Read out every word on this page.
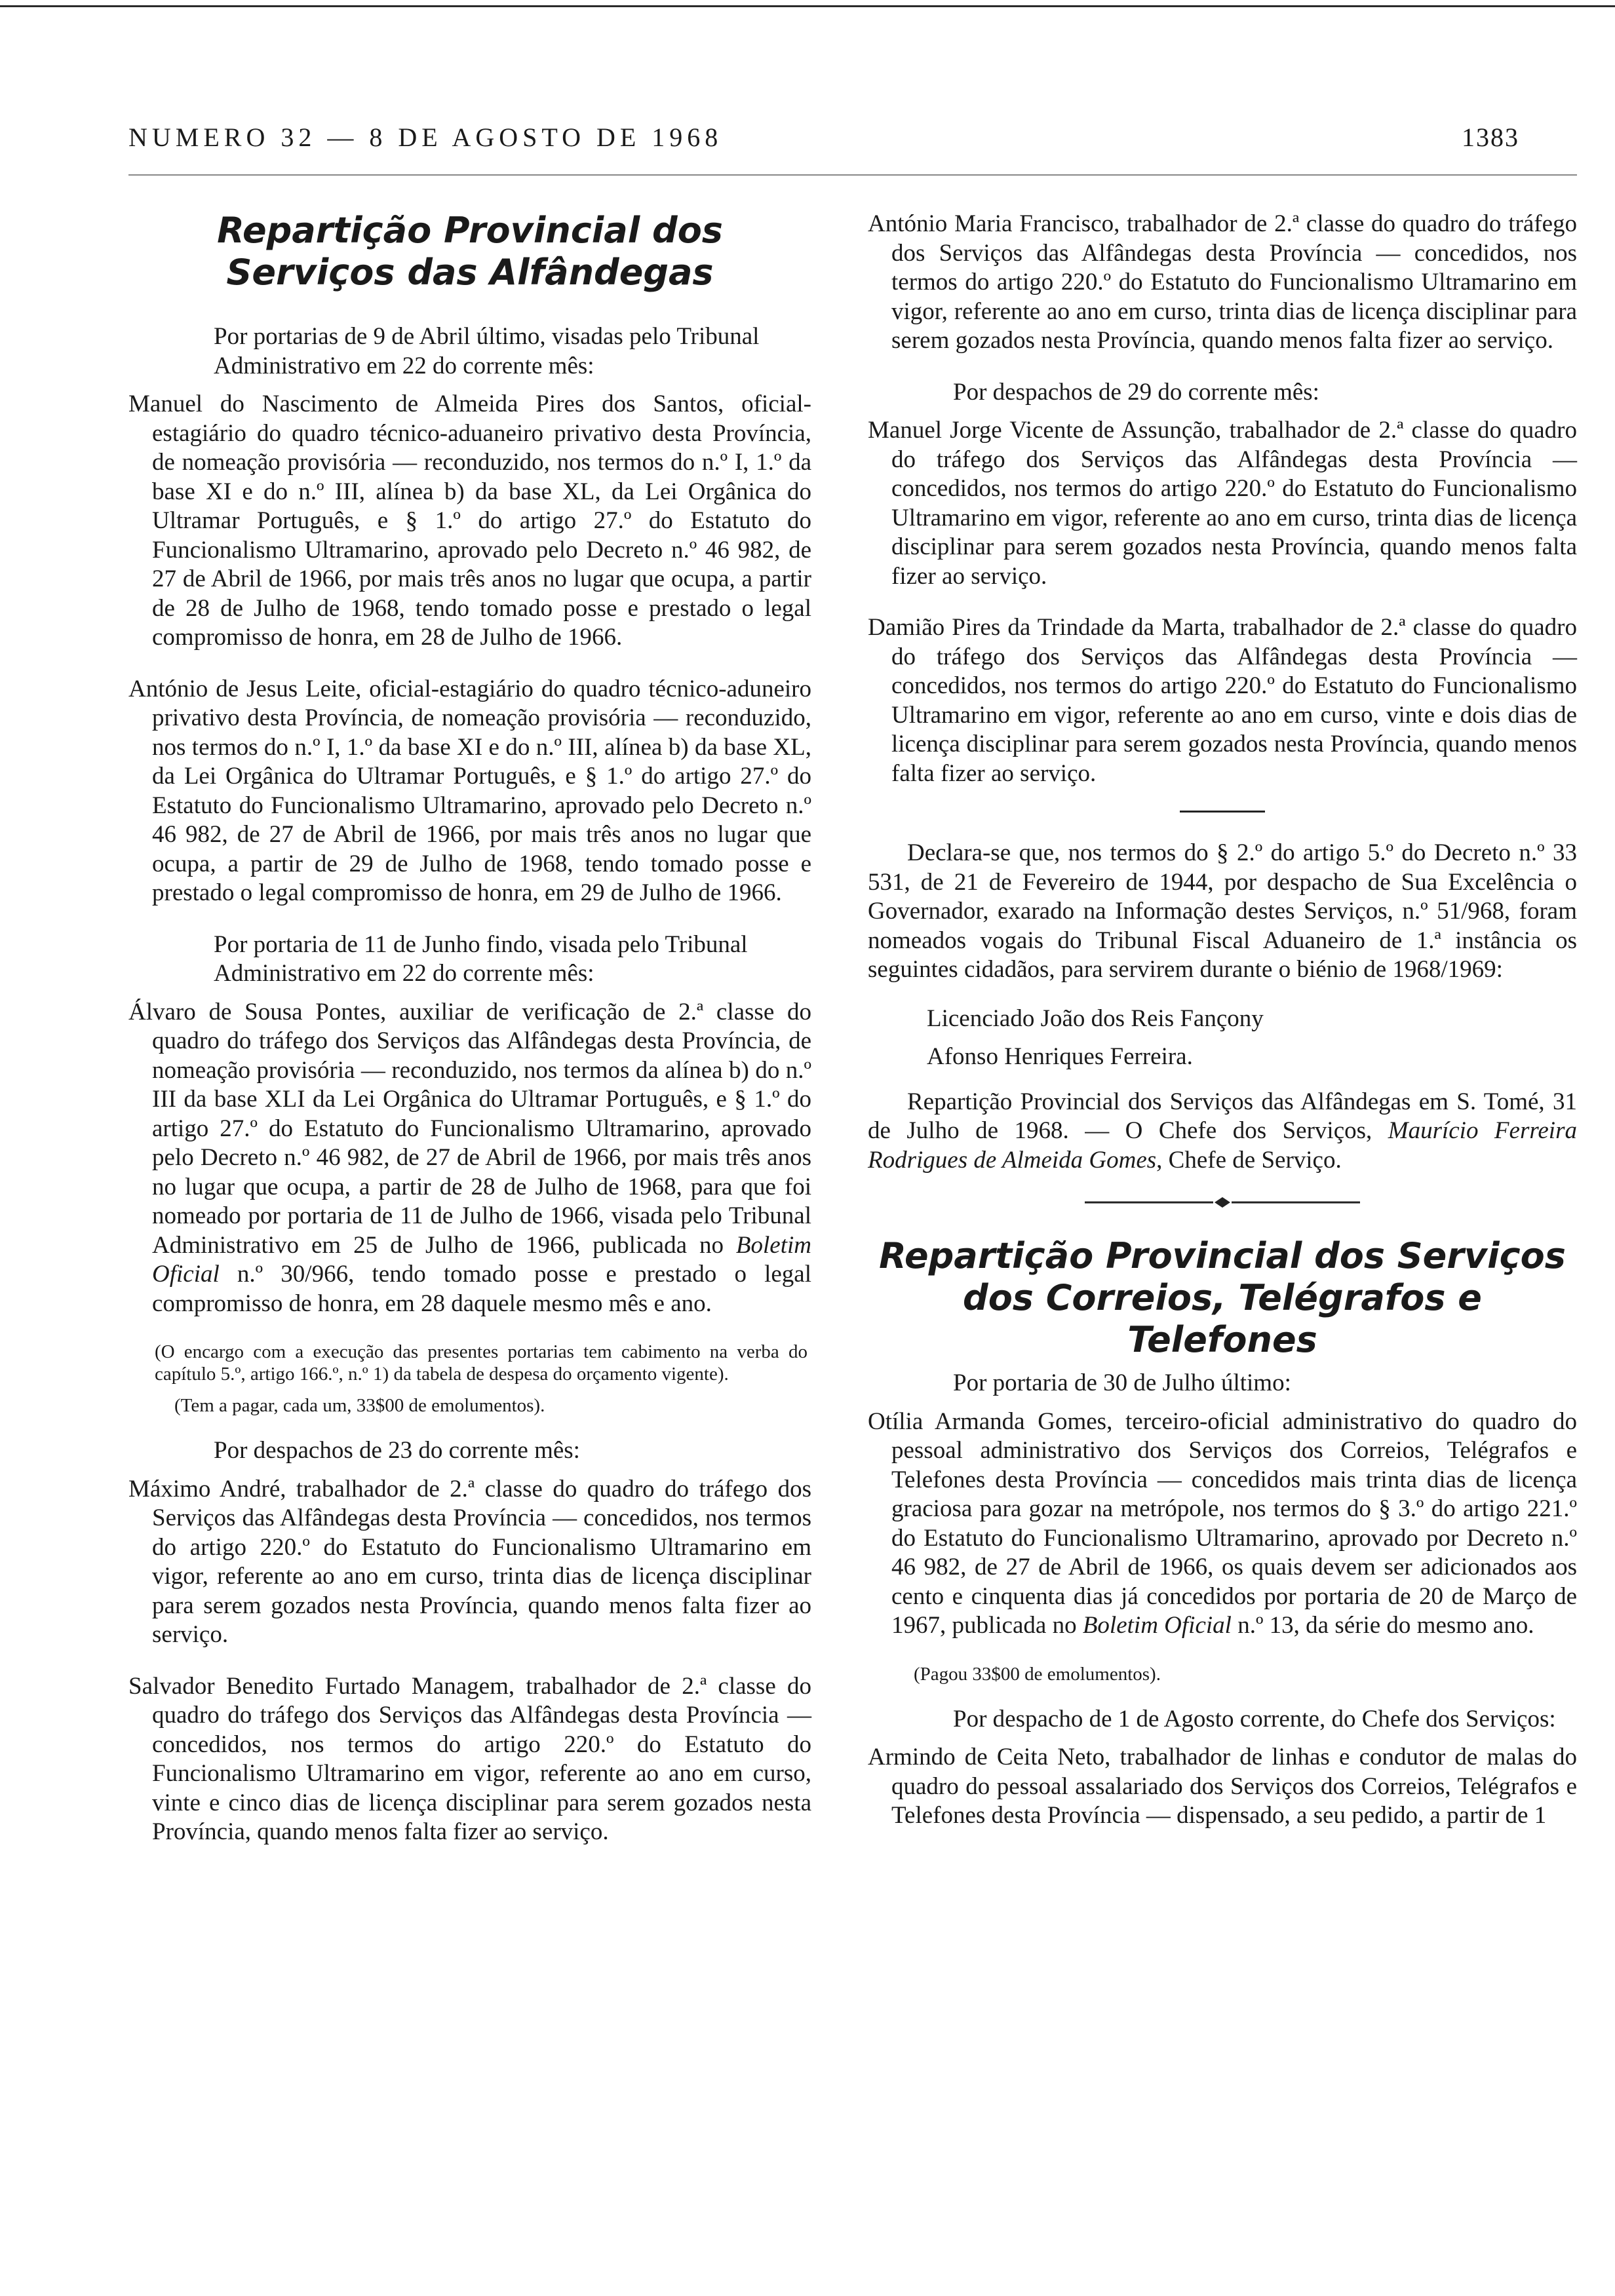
NUMERO 32 — 8 DE AGOSTO DE 1968	1383
Repartição Provincial dos Serviços das Alfândegas

Por portarias de 9 de Abril último, visadas pelo Tribunal Administrativo em 22 do corrente mês:

Manuel do Nascimento de Almeida Pires dos Santos, oficial-estagiário do quadro técnico-aduaneiro privativo desta Província, de nomeação provisória — reconduzido, nos termos do n.º I, 1.º da base XI e do n.º III, alínea b) da base XL, da Lei Orgânica do Ultramar Português, e § 1.º do artigo 27.º do Estatuto do Funcionalismo Ultramarino, aprovado pelo Decreto n.º 46 982, de 27 de Abril de 1966, por mais três anos no lugar que ocupa, a partir de 28 de Julho de 1968, tendo tomado posse e prestado o legal compromisso de honra, em 28 de Julho de 1966.

António de Jesus Leite, oficial-estagiário do quadro técnico-aduneiro privativo desta Província, de nomeação provisória — reconduzido, nos termos do n.º I, 1.º da base XI e do n.º III, alínea b) da base XL, da Lei Orgânica do Ultramar Português, e § 1.º do artigo 27.º do Estatuto do Funcionalismo Ultramarino, aprovado pelo Decreto n.º 46 982, de 27 de Abril de 1966, por mais três anos no lugar que ocupa, a partir de 29 de Julho de 1968, tendo tomado posse e prestado o legal compromisso de honra, em 29 de Julho de 1966.

Por portaria de 11 de Junho findo, visada pelo Tribunal Administrativo em 22 do corrente mês:

Álvaro de Sousa Pontes, auxiliar de verificação de 2.ª classe do quadro do tráfego dos Serviços das Alfândegas desta Província, de nomeação provisória — reconduzido, nos termos da alínea b) do n.º III da base XLI da Lei Orgânica do Ultramar Português, e § 1.º do artigo 27.º do Estatuto do Funcionalismo Ultramarino, aprovado pelo Decreto n.º 46 982, de 27 de Abril de 1966, por mais três anos no lugar que ocupa, a partir de 28 de Julho de 1968, para que foi nomeado por portaria de 11 de Julho de 1966, visada pelo Tribunal Administrativo em 25 de Julho de 1966, publicada no Boletim Oficial n.º 30/966, tendo tomado posse e prestado o legal compromisso de honra, em 28 daquele mesmo mês e ano.

(O encargo com a execução das presentes portarias tem cabimento na verba do capítulo 5.º, artigo 166.º, n.º 1) da tabela de despesa do orçamento vigente).

(Tem a pagar, cada um, 33$00 de emolumentos).

Por despachos de 23 do corrente mês:

Máximo André, trabalhador de 2.ª classe do quadro do tráfego dos Serviços das Alfândegas desta Província — concedidos, nos termos do artigo 220.º do Estatuto do Funcionalismo Ultramarino em vigor, referente ao ano em curso, trinta dias de licença disciplinar para serem gozados nesta Província, quando menos falta fizer ao serviço.

Salvador Benedito Furtado Managem, trabalhador de 2.ª classe do quadro do tráfego dos Serviços das Alfândegas desta Província — concedidos, nos termos do artigo 220.º do Estatuto do Funcionalismo Ultramarino em vigor, referente ao ano em curso, vinte e cinco dias de licença disciplinar para serem gozados nesta Província, quando menos falta fizer ao serviço.

António Maria Francisco, trabalhador de 2.ª classe do quadro do tráfego dos Serviços das Alfândegas desta Província — concedidos, nos termos do artigo 220.º do Estatuto do Funcionalismo Ultramarino em vigor, referente ao ano em curso, trinta dias de licença disciplinar para serem gozados nesta Província, quando menos falta fizer ao serviço.

Por despachos de 29 do corrente mês:

Manuel Jorge Vicente de Assunção, trabalhador de 2.ª classe do quadro do tráfego dos Serviços das Alfândegas desta Província — concedidos, nos termos do artigo 220.º do Estatuto do Funcionalismo Ultramarino em vigor, referente ao ano em curso, trinta dias de licença disciplinar para serem gozados nesta Província, quando menos falta fizer ao serviço.

Damião Pires da Trindade da Marta, trabalhador de 2.ª classe do quadro do tráfego dos Serviços das Alfândegas desta Província — concedidos, nos termos do artigo 220.º do Estatuto do Funcionalismo Ultramarino em vigor, referente ao ano em curso, vinte e dois dias de licença disciplinar para serem gozados nesta Província, quando menos falta fizer ao serviço.

Declara-se que, nos termos do § 2.º do artigo 5.º do Decreto n.º 33 531, de 21 de Fevereiro de 1944, por despacho de Sua Excelência o Governador, exarado na Informação destes Serviços, n.º 51/968, foram nomeados vogais do Tribunal Fiscal Aduaneiro de 1.ª instância os seguintes cidadãos, para servirem durante o biénio de 1968/1969:

Licenciado João dos Reis Fançony

Afonso Henriques Ferreira.

Repartição Provincial dos Serviços das Alfândegas em S. Tomé, 31 de Julho de 1968. — O Chefe dos Serviços, Maurício Ferreira Rodrigues de Almeida Gomes, Chefe de Serviço.

Repartição Provincial dos Serviços dos Correios, Telégrafos e Telefones

Por portaria de 30 de Julho último:

Otília Armanda Gomes, terceiro-oficial administrativo do quadro do pessoal administrativo dos Serviços dos Correios, Telégrafos e Telefones desta Província — concedidos mais trinta dias de licença graciosa para gozar na metrópole, nos termos do § 3.º do artigo 221.º do Estatuto do Funcionalismo Ultramarino, aprovado por Decreto n.º 46 982, de 27 de Abril de 1966, os quais devem ser adicionados aos cento e cinquenta dias já concedidos por portaria de 20 de Março de 1967, publicada no Boletim Oficial n.º 13, da série do mesmo ano.

(Pagou 33$00 de emolumentos).

Por despacho de 1 de Agosto corrente, do Chefe dos Serviços:

Armindo de Ceita Neto, trabalhador de linhas e condutor de malas do quadro do pessoal assalariado dos Serviços dos Correios, Telégrafos e Telefones desta Província — dispensado, a seu pedido, a partir de 1
